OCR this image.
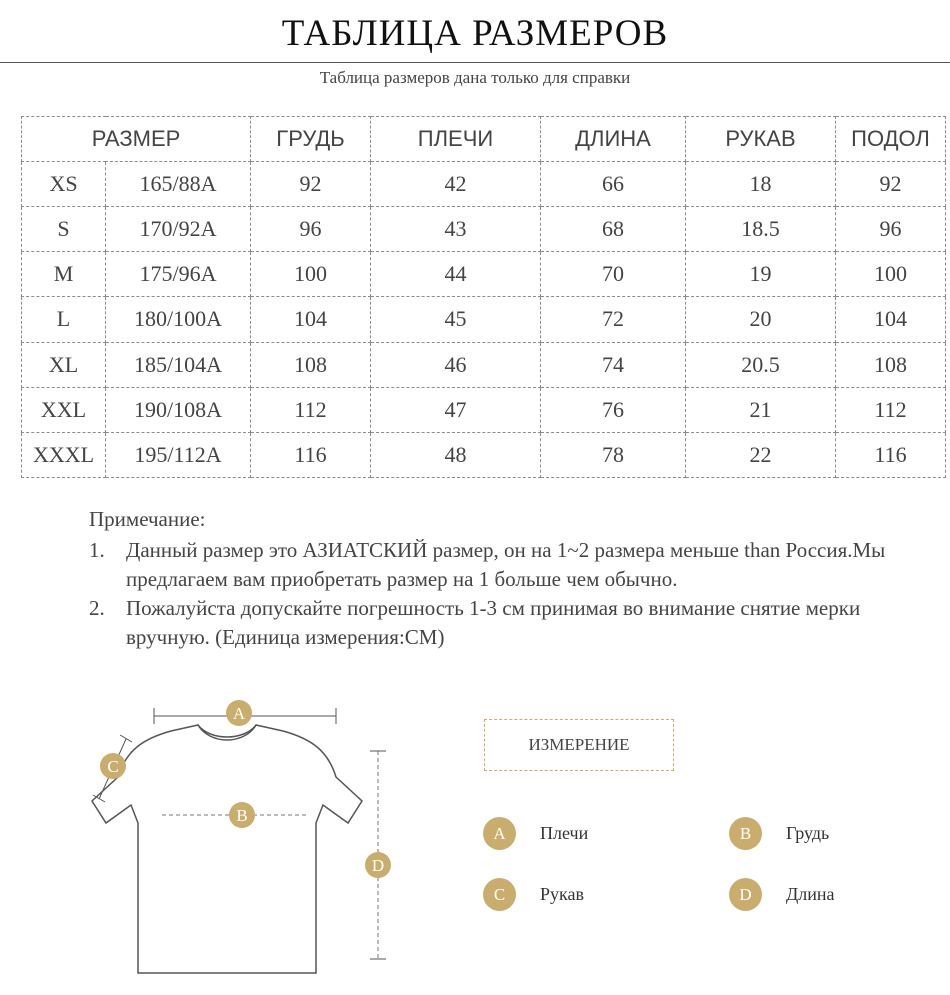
ТАБЛИЦА РАЗМЕРОВ
Таблица размеров дана только для справки
РАЗМЕР		ГРУДЬ	ПЛЕЧИ	ДЛИНА	РУКАВ	ПОДОЛ
XS	165/88A	92	42	66	18	92
S	170/92A	96	43	68	18.5	96
M	175/96A	100	44	70	19	100
L	180/100A	104	45	72	20	104
XL	185/104A	108	46	74	20.5	108
XXL	190/108A	112	47	76	21	112
XXXL	195/112A	116	48	78	22	116
Примечание:
1.	Данный размер это АЗИАТСКИЙ размер, он на 1~2 размера меньше than Россия.Мы предлагаем вам приобретать размер на 1 больше чем обычно.
2.	Пожалуйста допускайте погрешность 1-3 см принимая во внимание снятие мерки вручную. (Единица измерения:CM)
A
B
C
D
ИЗМЕРЕНИЕ
A	Плечи	B	Грудь
C	Рукав	D	Длина
